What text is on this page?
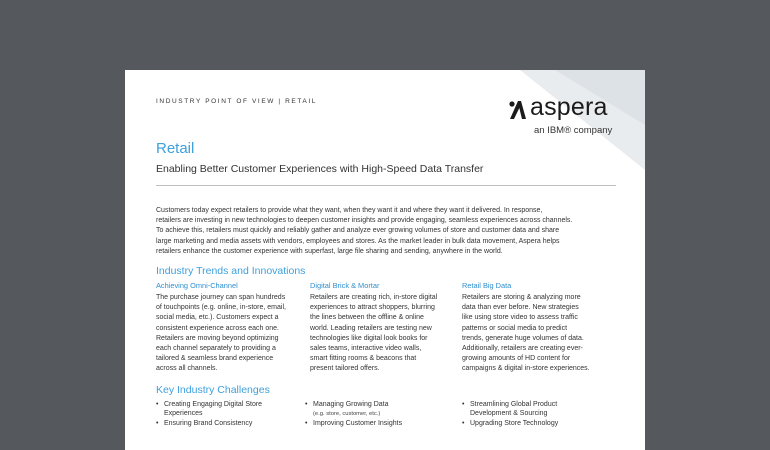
INDUSTRY POINT OF VIEW | RETAIL	aspera
an IBM® company
Retail
Enabling Better Customer Experiences with High-Speed Data Transfer
Customers today expect retailers to provide what they want, when they want it and where they want it delivered. In response,
retailers are investing in new technologies to deepen customer insights and provide engaging, seamless experiences across channels.
To achieve this, retailers must quickly and reliably gather and analyze ever growing volumes of store and customer data and share
large marketing and media assets with vendors, employees and stores. As the market leader in bulk data movement, Aspera helps
retailers enhance the customer experience with superfast, large file sharing and sending, anywhere in the world.
Industry Trends and Innovations
Achieving Omni-Channel
The purchase journey can span hundreds
of touchpoints (e.g. online, in-store, email,
social media, etc.). Customers expect a
consistent experience across each one.
Retailers are moving beyond optimizing
each channel separately to providing a
tailored & seamless brand experience
across all channels.
Digital Brick & Mortar
Retailers are creating rich, in-store digital
experiences to attract shoppers, blurring
the lines between the offline & online
world. Leading retailers are testing new
technologies like digital look books for
sales teams, interactive video walls,
smart fitting rooms & beacons that
present tailored offers.
Retail Big Data
Retailers are storing & analyzing more
data than ever before. New strategies
like using store video to assess traffic
patterns or social media to predict
trends, generate huge volumes of data.
Additionally, retailers are creating ever-
growing amounts of HD content for
campaigns & digital in-store experiences.
Key Industry Challenges
• Creating Engaging Digital Store
Experiences
• Ensuring Brand Consistency
• Managing Growing Data
(e.g. store, customer, etc.)
• Improving Customer Insights
• Streamlining Global Product
Development & Sourcing
• Upgrading Store Technology
